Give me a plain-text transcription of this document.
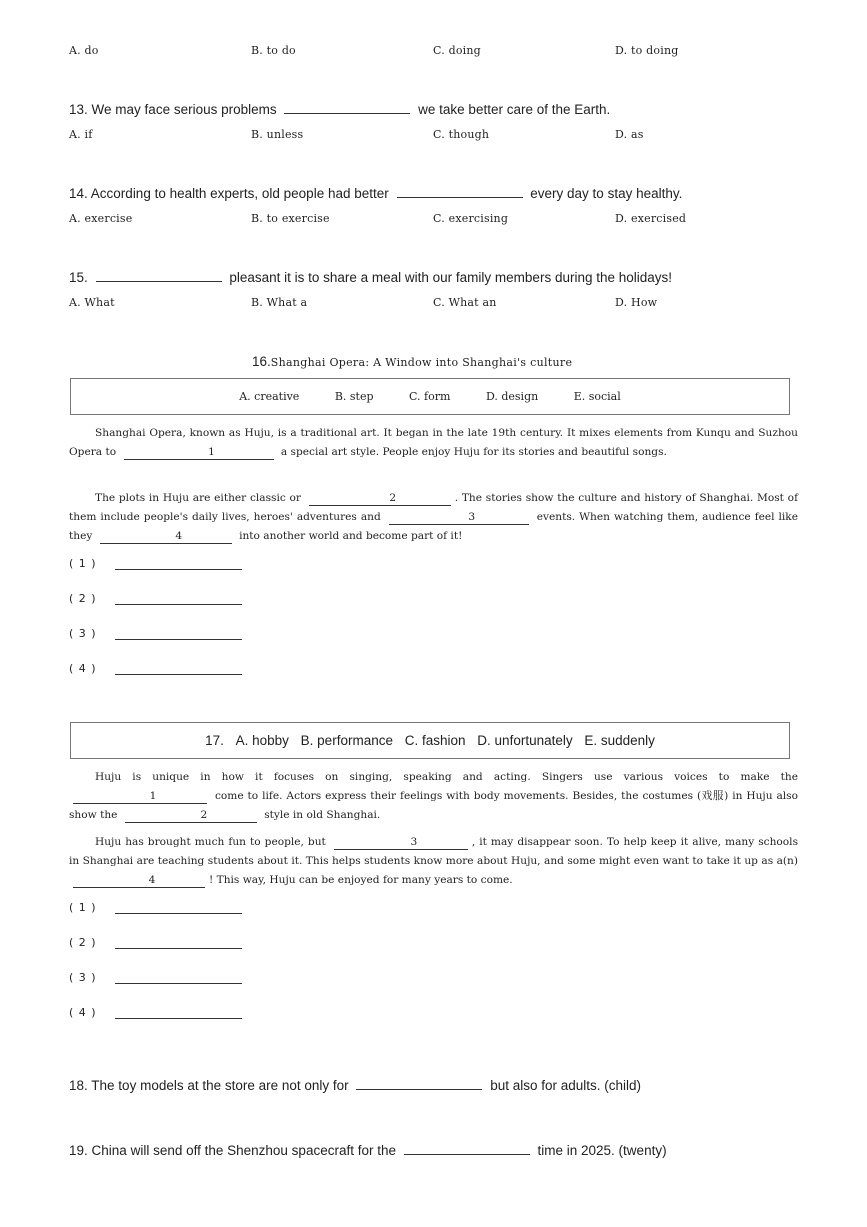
A. do	B. to do	C. doing	D. to doing
13. We may face serious problems	we take better care of the Earth.
A. if	B. unless	C. though	D. as
14. According to health experts, old people had better	every day to stay healthy.
A. exercise	B. to exercise	C. exercising	D. exercised
15.	pleasant it is to share a meal with our family members during the holidays!
A. What	B. What a	C. What an	D. How
16.Shanghai Opera: A Window into Shanghai's culture
A. creative	B. step	C. form	D. design	E. social
Shanghai Opera, known as Huju, is a traditional art. It began in the late 19th century. It mixes elements from Kunqu and Suzhou Opera to	1	a special art style. People enjoy Huju for its stories and beautiful songs.
The plots in Huju are either classic or	2	. The stories show the culture and history of Shanghai. Most of them include people's daily lives, heroes' adventures and	3	events. When watching them, audience feel like they	4	into another world and become part of it!
( 1 )
( 2 )
( 3 )
( 4 )
17. A. hobby B. performance C. fashion D. unfortunately E. suddenly
Huju is unique in how it focuses on singing, speaking and acting. Singers use various voices to make the 1	come to life. Actors express their feelings with body movements. Besides, the costumes (戏服) in Huju also show the	2	style in old Shanghai.
Huju has brought much fun to people, but	3	, it may disappear soon. To help keep it alive, many schools in Shanghai are teaching students about it. This helps students know more about Huju, and some might even want to take it up as a(n) 4	! This way, Huju can be enjoyed for many years to come.
( 1 )
( 2 )
( 3 )
( 4 )
18. The toy models at the store are not only for	but also for adults. (child)
19. China will send off the Shenzhou spacecraft for the	time in 2025. (twenty)
